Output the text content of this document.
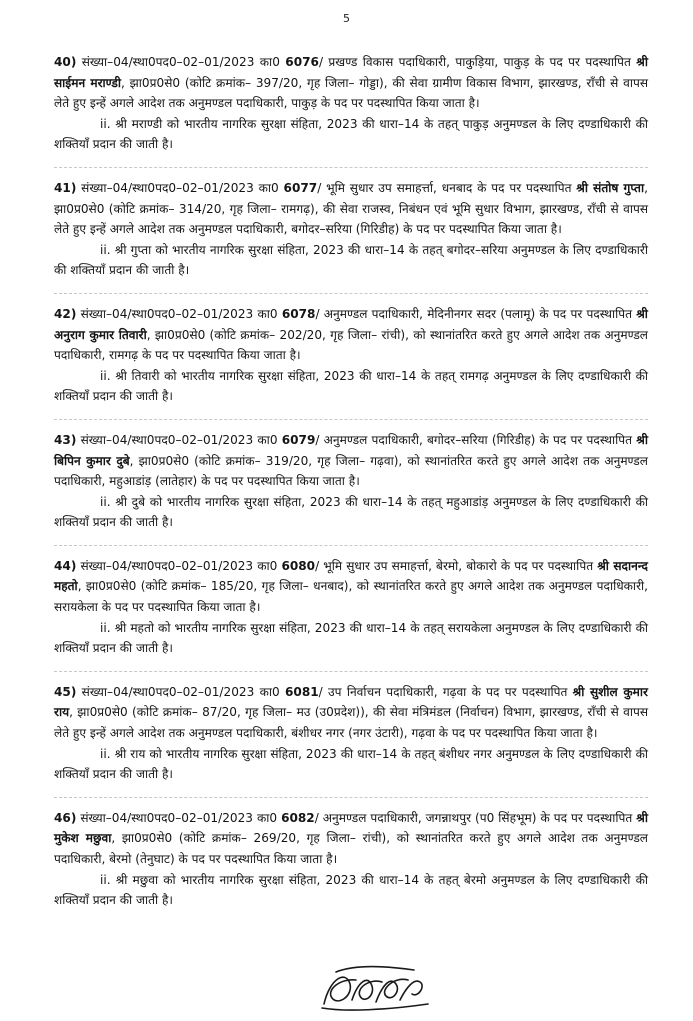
5

40) संख्या–04/स्था0पद0–02–01/2023 का0 6076/ प्रखण्ड विकास पदाधिकारी, पाकुड़िया, पाकुड़ के पद पर पदस्थापित श्री साईमन मराण्डी, झा0प्र0से0 (कोटि क्रमांक– 397/20, गृह जिला– गोड्डा), की सेवा ग्रामीण विकास विभाग, झारखण्ड, राँची से वापस लेते हुए इन्हें अगले आदेश तक अनुमण्डल पदाधिकारी, पाकुड़ के पद पर पदस्थापित किया जाता है।

ii. श्री मराण्डी को भारतीय नागरिक सुरक्षा संहिता, 2023 की धारा–14 के तहत् पाकुड़ अनुमण्डल के लिए दण्डाधिकारी की शक्तियाँ प्रदान की जाती है।

41) संख्या–04/स्था0पद0–02–01/2023 का0 6077/ भूमि सुधार उप समाहर्त्ता, धनबाद के पद पर पदस्थापित श्री संतोष गुप्ता, झा0प्र0से0 (कोटि क्रमांक– 314/20, गृह जिला– रामगढ़), की सेवा राजस्व, निबंधन एवं भूमि सुधार विभाग, झारखण्ड, राँची से वापस लेते हुए इन्हें अगले आदेश तक अनुमण्डल पदाधिकारी, बगोदर–सरिया (गिरिडीह) के पद पर पदस्थापित किया जाता है।

ii. श्री गुप्ता को भारतीय नागरिक सुरक्षा संहिता, 2023 की धारा–14 के तहत् बगोदर–सरिया अनुमण्डल के लिए दण्डाधिकारी की शक्तियाँ प्रदान की जाती है।

42) संख्या–04/स्था0पद0–02–01/2023 का0 6078/ अनुमण्डल पदाधिकारी, मेदिनीनगर सदर (पलामू) के पद पर पदस्थापित श्री अनुराग कुमार तिवारी, झा0प्र0से0 (कोटि क्रमांक– 202/20, गृह जिला– रांची), को स्थानांतरित करते हुए अगले आदेश तक अनुमण्डल पदाधिकारी, रामगढ़ के पद पर पदस्थापित किया जाता है।

ii. श्री तिवारी को भारतीय नागरिक सुरक्षा संहिता, 2023 की धारा–14 के तहत् रामगढ़ अनुमण्डल के लिए दण्डाधिकारी की शक्तियाँ प्रदान की जाती है।

43) संख्या–04/स्था0पद0–02–01/2023 का0 6079/ अनुमण्डल पदाधिकारी, बगोदर–सरिया (गिरिडीह) के पद पर पदस्थापित श्री बिपिन कुमार दुबे, झा0प्र0से0 (कोटि क्रमांक– 319/20, गृह जिला– गढ़वा), को स्थानांतरित करते हुए अगले आदेश तक अनुमण्डल पदाधिकारी, महुआडांड़ (लातेहार) के पद पर पदस्थापित किया जाता है।

ii. श्री दुबे को भारतीय नागरिक सुरक्षा संहिता, 2023 की धारा–14 के तहत् महुआडांड़ अनुमण्डल के लिए दण्डाधिकारी की शक्तियाँ प्रदान की जाती है।

44) संख्या–04/स्था0पद0–02–01/2023 का0 6080/ भूमि सुधार उप समाहर्त्ता, बेरमो, बोकारो के पद पर पदस्थापित श्री सदानन्द महतो, झा0प्र0से0 (कोटि क्रमांक– 185/20, गृह जिला– धनबाद), को स्थानांतरित करते हुए अगले आदेश तक अनुमण्डल पदाधिकारी, सरायकेला के पद पर पदस्थापित किया जाता है।

ii. श्री महतो को भारतीय नागरिक सुरक्षा संहिता, 2023 की धारा–14 के तहत् सरायकेला अनुमण्डल के लिए दण्डाधिकारी की शक्तियाँ प्रदान की जाती है।

45) संख्या–04/स्था0पद0–02–01/2023 का0 6081/ उप निर्वाचन पदाधिकारी, गढ़वा के पद पर पदस्थापित श्री सुशील कुमार राय, झा0प्र0से0 (कोटि क्रमांक– 87/20, गृह जिला– मउ (उ0प्रदेश)), की सेवा मंत्रिमंडल (निर्वाचन) विभाग, झारखण्ड, राँची से वापस लेते हुए इन्हें अगले आदेश तक अनुमण्डल पदाधिकारी, बंशीधर नगर (नगर उंटारी), गढ़वा के पद पर पदस्थापित किया जाता है।

ii. श्री राय को भारतीय नागरिक सुरक्षा संहिता, 2023 की धारा–14 के तहत् बंशीधर नगर अनुमण्डल के लिए दण्डाधिकारी की शक्तियाँ प्रदान की जाती है।

46) संख्या–04/स्था0पद0–02–01/2023 का0 6082/ अनुमण्डल पदाधिकारी, जगन्नाथपुर (प0 सिंहभूम) के पद पर पदस्थापित श्री मुकेश मछुवा, झा0प्र0से0 (कोटि क्रमांक– 269/20, गृह जिला– रांची), को स्थानांतरित करते हुए अगले आदेश तक अनुमण्डल पदाधिकारी, बेरमो (तेनुघाट) के पद पर पदस्थापित किया जाता है।

ii. श्री मछुवा को भारतीय नागरिक सुरक्षा संहिता, 2023 की धारा–14 के तहत् बेरमो अनुमण्डल के लिए दण्डाधिकारी की शक्तियाँ प्रदान की जाती है।
